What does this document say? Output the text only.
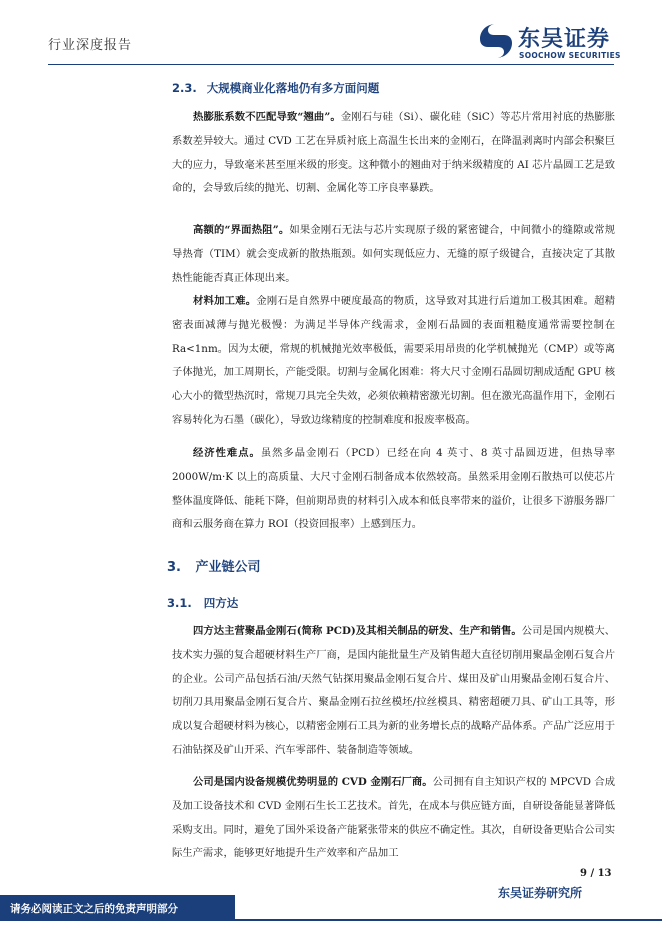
行业深度报告	东吴证券
SOOCHOW SECURITIES
2.3. 大规模商业化落地仍有多方面问题
热膨胀系数不匹配导致“翘曲”。金刚石与硅（Si）、碳化硅（SiC）等芯片常用衬底的热膨胀系数差异较大。通过 CVD 工艺在异质衬底上高温生长出来的金刚石，在降温剥离时内部会积聚巨大的应力，导致毫米甚至厘米级的形变。这种微小的翘曲对于纳米级精度的 AI 芯片晶圆工艺是致命的，会导致后续的抛光、切割、金属化等工序良率暴跌。
高额的“界面热阻”。如果金刚石无法与芯片实现原子级的紧密键合，中间微小的缝隙或常规导热膏（TIM）就会变成新的散热瓶颈。如何实现低应力、无缝的原子级键合，直接决定了其散热性能能否真正体现出来。
材料加工难。金刚石是自然界中硬度最高的物质，这导致对其进行后道加工极其困难。超精密表面减薄与抛光极慢：为满足半导体产线需求，金刚石晶圆的表面粗糙度通常需要控制在 Ra<1nm。因为太硬，常规的机械抛光效率极低，需要采用昂贵的化学机械抛光（CMP）或等离子体抛光，加工周期长，产能受限。切割与金属化困难：将大尺寸金刚石晶圆切割成适配 GPU 核心大小的微型热沉时，常规刀具完全失效，必须依赖精密激光切割。但在激光高温作用下，金刚石容易转化为石墨（碳化），导致边缘精度的控制难度和报废率极高。
经济性难点。虽然多晶金刚石（PCD）已经在向 4 英寸、8 英寸晶圆迈进，但热导率 2000W/m·K 以上的高质量、大尺寸金刚石制备成本依然较高。虽然采用金刚石散热可以使芯片整体温度降低、能耗下降，但前期昂贵的材料引入成本和低良率带来的溢价，让很多下游服务器厂商和云服务商在算力 ROI（投资回报率）上感到压力。
3. 产业链公司
3.1. 四方达
四方达主营聚晶金刚石(简称 PCD)及其相关制品的研发、生产和销售。公司是国内规模大、技术实力强的复合超硬材料生产厂商，是国内能批量生产及销售超大直径切削用聚晶金刚石复合片的企业。公司产品包括石油/天然气钻探用聚晶金刚石复合片、煤田及矿山用聚晶金刚石复合片、切削刀具用聚晶金刚石复合片、聚晶金刚石拉丝模坯/拉丝模具、精密超硬刀具、矿山工具等，形成以复合超硬材料为核心，以精密金刚石工具为新的业务增长点的战略产品体系。产品广泛应用于石油钻探及矿山开采、汽车零部件、装备制造等领域。
公司是国内设备规模优势明显的 CVD 金刚石厂商。公司拥有自主知识产权的 MPCVD 合成及加工设备技术和 CVD 金刚石生长工艺技术。首先，在成本与供应链方面，自研设备能显著降低采购支出。同时，避免了国外采设备产能紧张带来的供应不确定性。其次，自研设备更贴合公司实际生产需求，能够更好地提升生产效率和产品加工
9 / 13
请务必阅读正文之后的免责声明部分
东吴证券研究所
